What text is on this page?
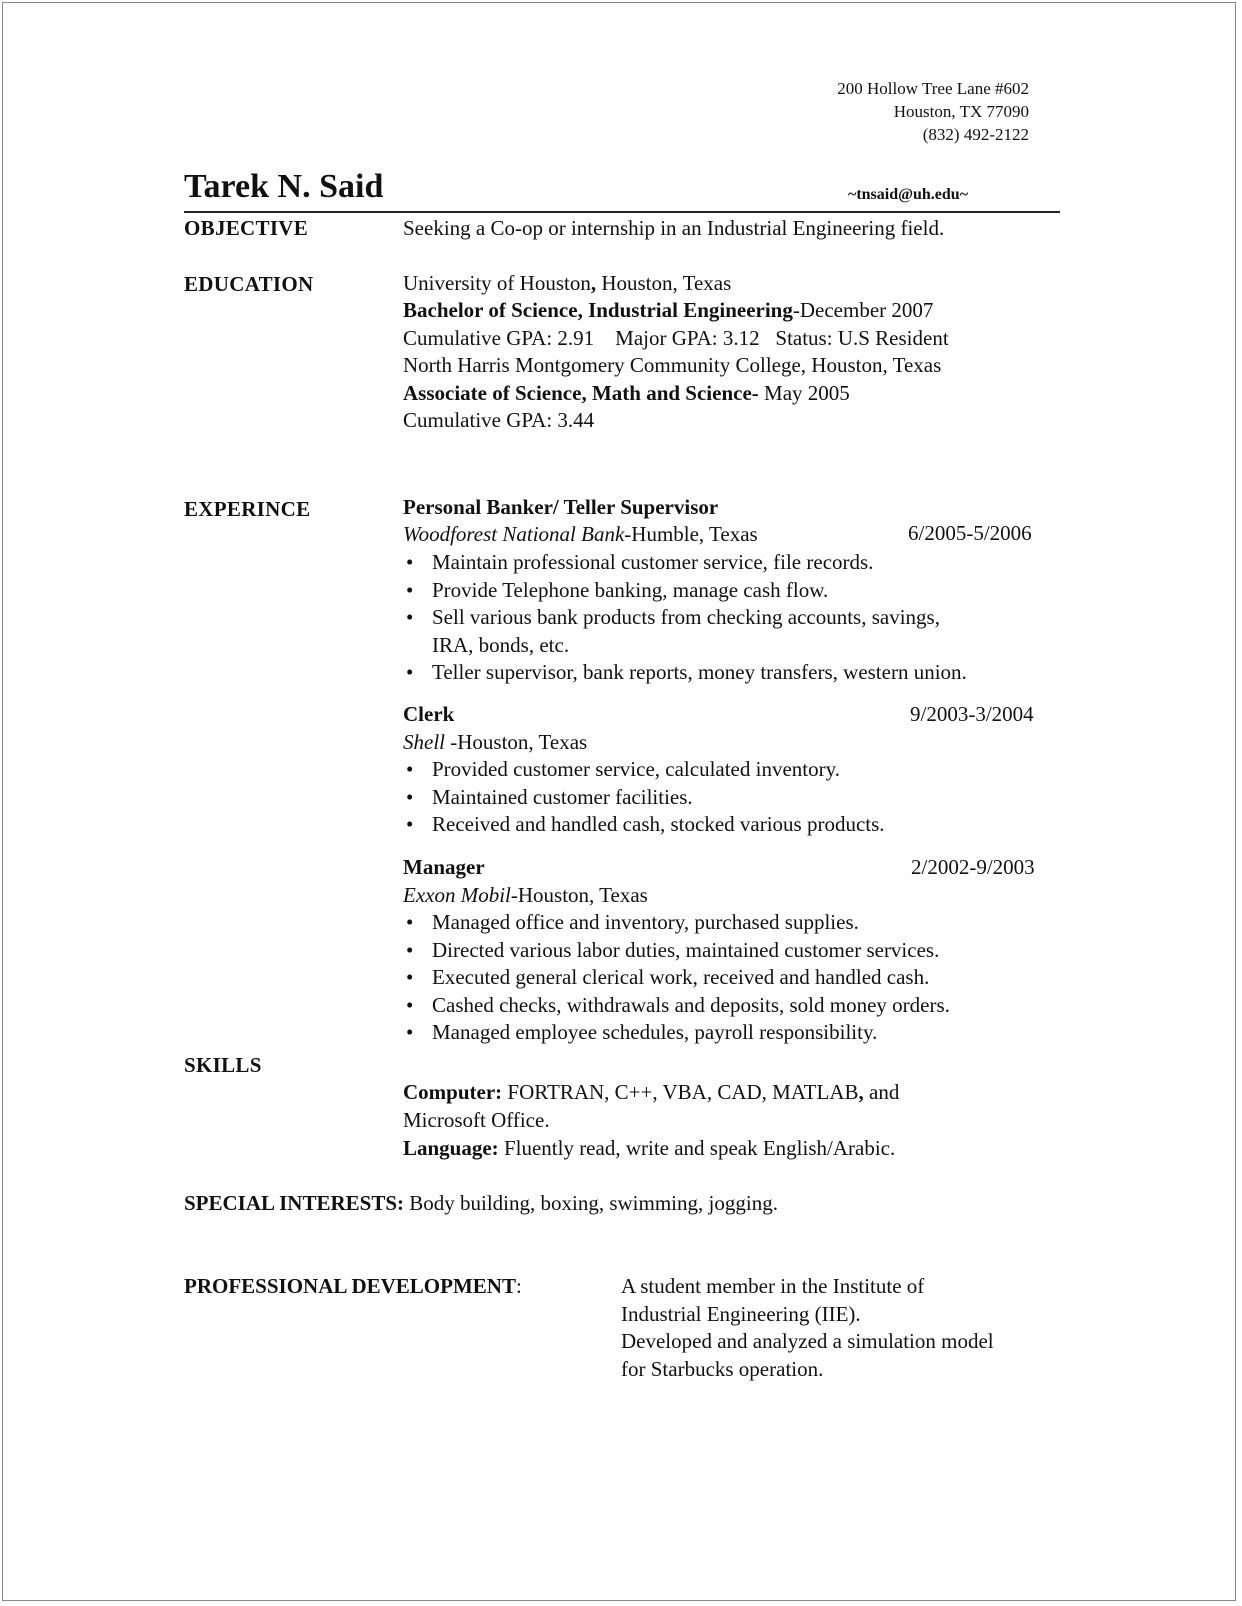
200 Hollow Tree Lane #602
Houston, TX 77090
(832) 492-2122
Tarek N. Said	~tnsaid@uh.edu~
OBJECTIVE	Seeking a Co-op or internship in an Industrial Engineering field.
EDUCATION	University of Houston, Houston, Texas
Bachelor of Science, Industrial Engineering-December 2007
Cumulative GPA: 2.91    Major GPA: 3.12   Status: U.S Resident
North Harris Montgomery Community College, Houston, Texas
Associate of Science, Math and Science- May 2005
Cumulative GPA: 3.44
EXPERINCE	Personal Banker/ Teller Supervisor
Woodforest National Bank-Humble, Texas	6/2005-5/2006
• Maintain professional customer service, file records.
• Provide Telephone banking, manage cash flow.
• Sell various bank products from checking accounts, savings,
IRA, bonds, etc.
• Teller supervisor, bank reports, money transfers, western union.
Clerk	9/2003-3/2004
Shell -Houston, Texas
• Provided customer service, calculated inventory.
• Maintained customer facilities.
• Received and handled cash, stocked various products.
Manager	2/2002-9/2003
Exxon Mobil-Houston, Texas
• Managed office and inventory, purchased supplies.
• Directed various labor duties, maintained customer services.
• Executed general clerical work, received and handled cash.
• Cashed checks, withdrawals and deposits, sold money orders.
• Managed employee schedules, payroll responsibility.
SKILLS
Computer: FORTRAN, C++, VBA, CAD, MATLAB, and
Microsoft Office.
Language: Fluently read, write and speak English/Arabic.
SPECIAL INTERESTS: Body building, boxing, swimming, jogging.
PROFESSIONAL DEVELOPMENT:	A student member in the Institute of
Industrial Engineering (IIE).
Developed and analyzed a simulation model
for Starbucks operation.
